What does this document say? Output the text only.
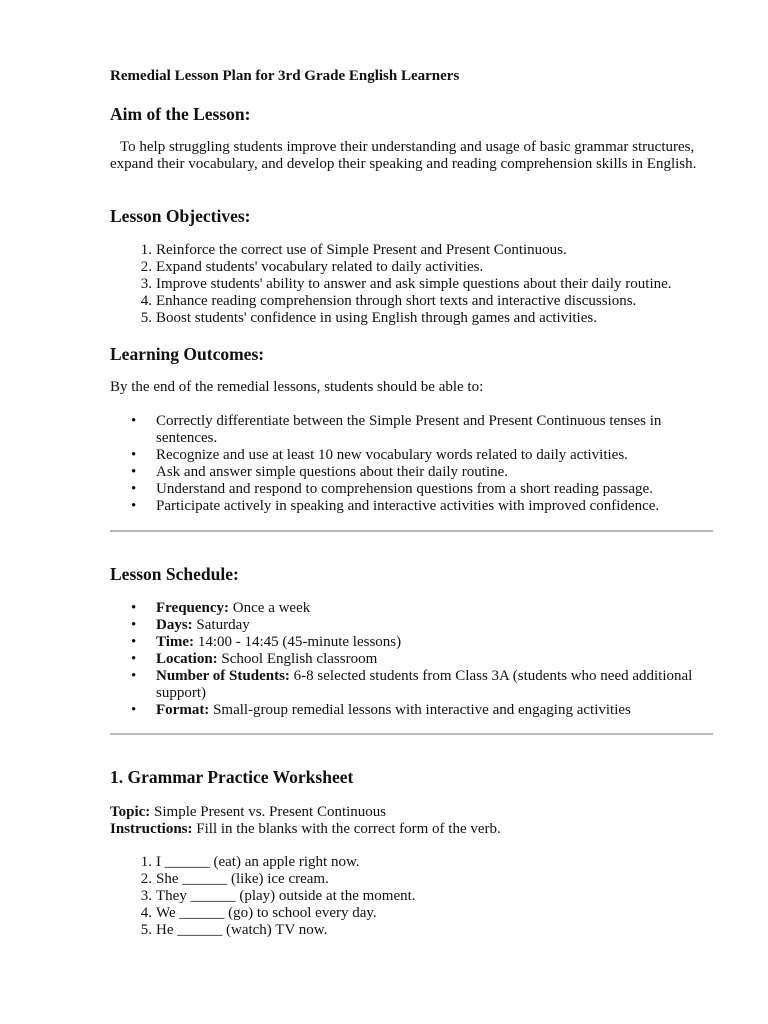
Remedial Lesson Plan for 3rd Grade English Learners
Aim of the Lesson:

To help struggling students improve their understanding and usage of basic grammar structures, expand their vocabulary, and develop their speaking and reading comprehension skills in English.

Lesson Objectives:
1. Reinforce the correct use of Simple Present and Present Continuous.
2. Expand students' vocabulary related to daily activities.
3. Improve students' ability to answer and ask simple questions about their daily routine.
4. Enhance reading comprehension through short texts and interactive discussions.
5. Boost students' confidence in using English through games and activities.
Learning Outcomes:

By the end of the remedial lessons, students should be able to:

• Correctly differentiate between the Simple Present and Present Continuous tenses in sentences.
• Recognize and use at least 10 new vocabulary words related to daily activities.
• Ask and answer simple questions about their daily routine.
• Understand and respond to comprehension questions from a short reading passage.
• Participate actively in speaking and interactive activities with improved confidence.
Lesson Schedule:
• Frequency: Once a week
• Days: Saturday
• Time: 14:00 - 14:45 (45-minute lessons)
• Location: School English classroom
• Number of Students: 6-8 selected students from Class 3A (students who need additional support)
• Format: Small-group remedial lessons with interactive and engaging activities
1. Grammar Practice Worksheet

Topic: Simple Present vs. Present Continuous

Instructions: Fill in the blanks with the correct form of the verb.

1. I ______ (eat) an apple right now.
2. She ______ (like) ice cream.
3. They ______ (play) outside at the moment.
4. We ______ (go) to school every day.
5. He ______ (watch) TV now.
